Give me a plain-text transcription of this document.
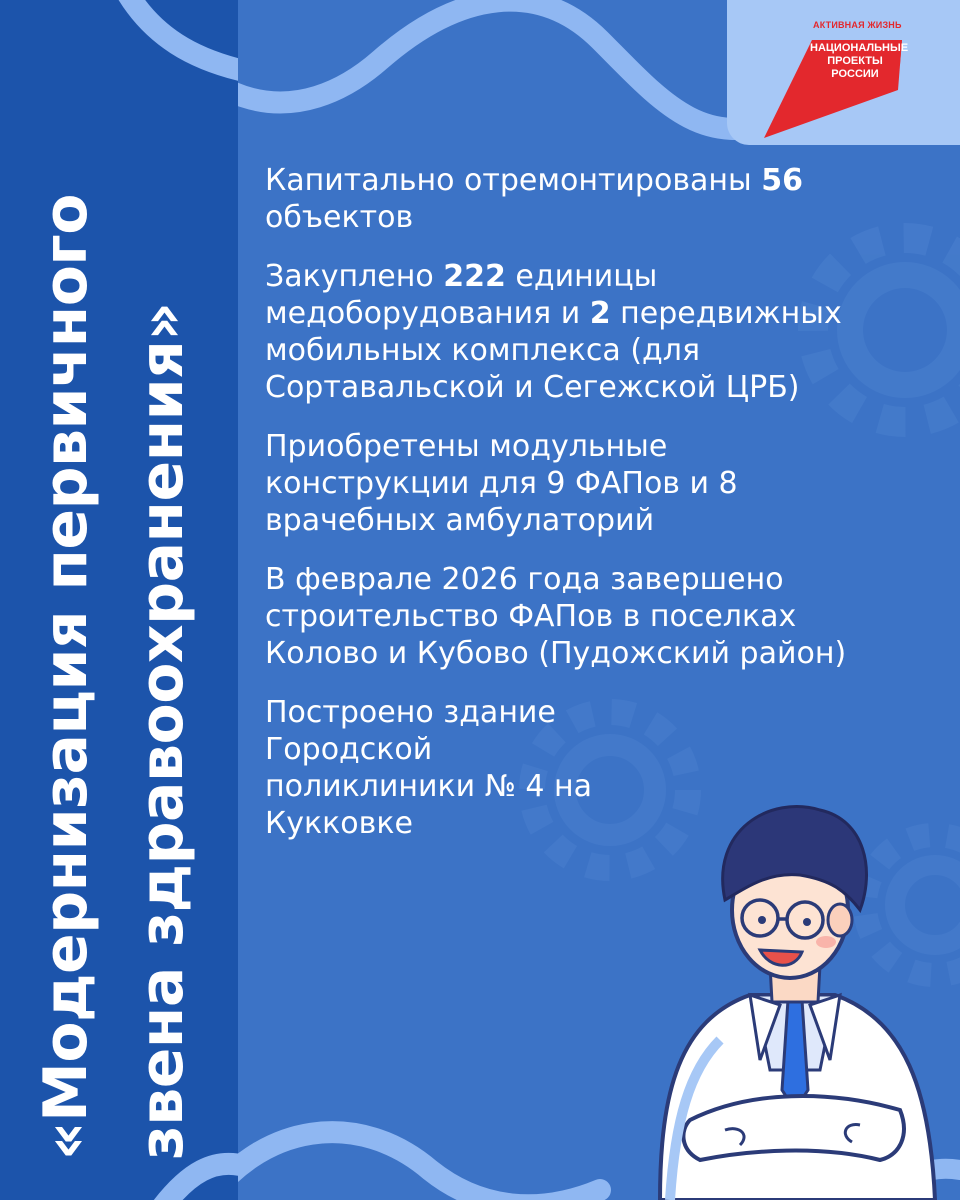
«Модернизация первичного
звена здравоохранения»
АКТИВНАЯ ЖИЗНЬ
НАЦИОНАЛЬНЫЕ
ПРОЕКТЫ
РОССИИ

Капитально отремонтированы 56 объектов

Закуплено 222 единицы медоборудования и 2 передвижных мобильных комплекса (для Сортавальской и Сегежской ЦРБ)

Приобретены модульные конструкции для 9 ФАПов и 8 врачебных амбулаторий

В феврале 2026 года завершено строительство ФАПов в поселках Колово и Кубово (Пудожский район)

Построено здание Городской поликлиники № 4 на Кукковке
